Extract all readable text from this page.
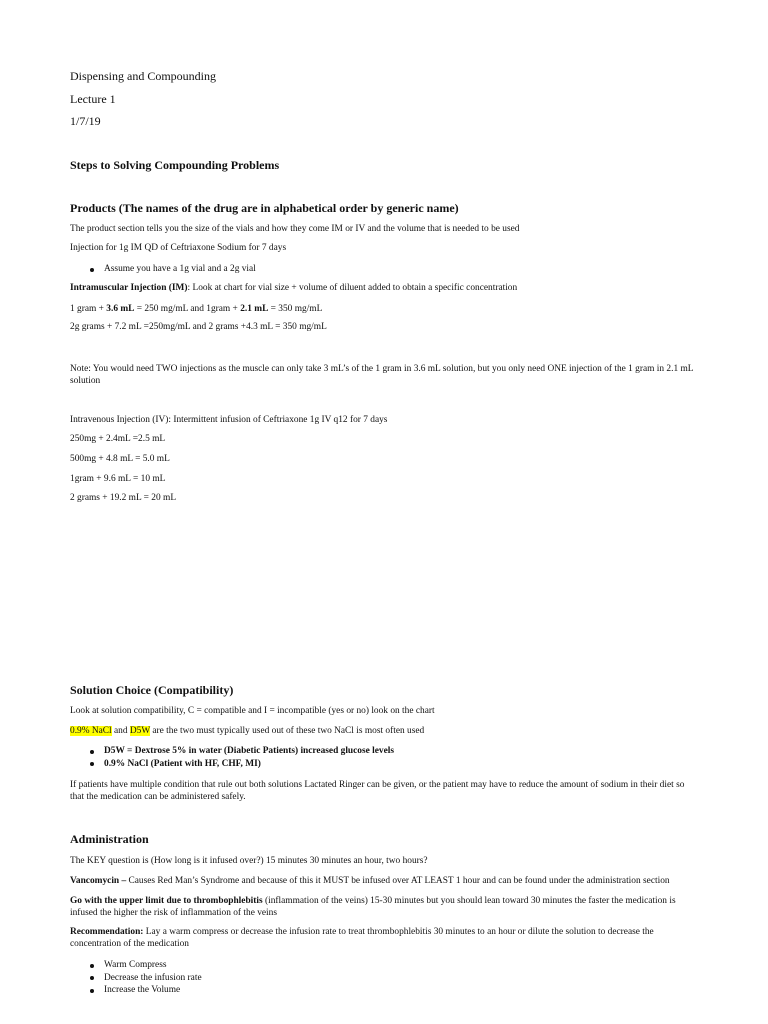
Dispensing and Compounding
Lecture 1
1/7/19
Steps to Solving Compounding Problems
Products (The names of the drug are in alphabetical order by generic name)
The product section tells you the size of the vials and how they come IM or IV and the volume that is needed to be used
Injection for 1g IM QD of Ceftriaxone Sodium for 7 days
Assume you have a 1g vial and a 2g vial
Intramuscular Injection (IM): Look at chart for vial size + volume of diluent added to obtain a specific concentration
1 gram + 3.6 mL = 250 mg/mL and 1gram + 2.1 mL = 350 mg/mL
2g grams + 7.2 mL =250mg/mL and 2 grams +4.3 mL = 350 mg/mL
Note: You would need TWO injections as the muscle can only take 3 mL’s of the 1 gram in 3.6 mL solution, but you only need ONE injection of the 1 gram in 2.1 mL solution
Intravenous Injection (IV): Intermittent infusion of Ceftriaxone 1g IV q12 for 7 days
250mg + 2.4mL =2.5 mL
500mg + 4.8 mL = 5.0 mL
1gram + 9.6 mL = 10 mL
2 grams + 19.2 mL = 20 mL
Solution Choice (Compatibility)
Look at solution compatibility, C = compatible and I = incompatible (yes or no) look on the chart
0.9% NaCl and D5W are the two must typically used out of these two NaCl is most often used
D5W = Dextrose 5% in water (Diabetic Patients) increased glucose levels
0.9% NaCl (Patient with HF, CHF, MI)
If patients have multiple condition that rule out both solutions Lactated Ringer can be given, or the patient may have to reduce the amount of sodium in their diet so that the medication can be administered safely.
Administration
The KEY question is (How long is it infused over?) 15 minutes 30 minutes an hour, two hours?
Vancomycin – Causes Red Man’s Syndrome and because of this it MUST be infused over AT LEAST 1 hour and can be found under the administration section
Go with the upper limit due to thrombophlebitis (inflammation of the veins) 15-30 minutes but you should lean toward 30 minutes the faster the medication is infused the higher the risk of inflammation of the veins
Recommendation: Lay a warm compress or decrease the infusion rate to treat thrombophlebitis 30 minutes to an hour or dilute the solution to decrease the concentration of the medication
Warm Compress
Decrease the infusion rate
Increase the Volume
